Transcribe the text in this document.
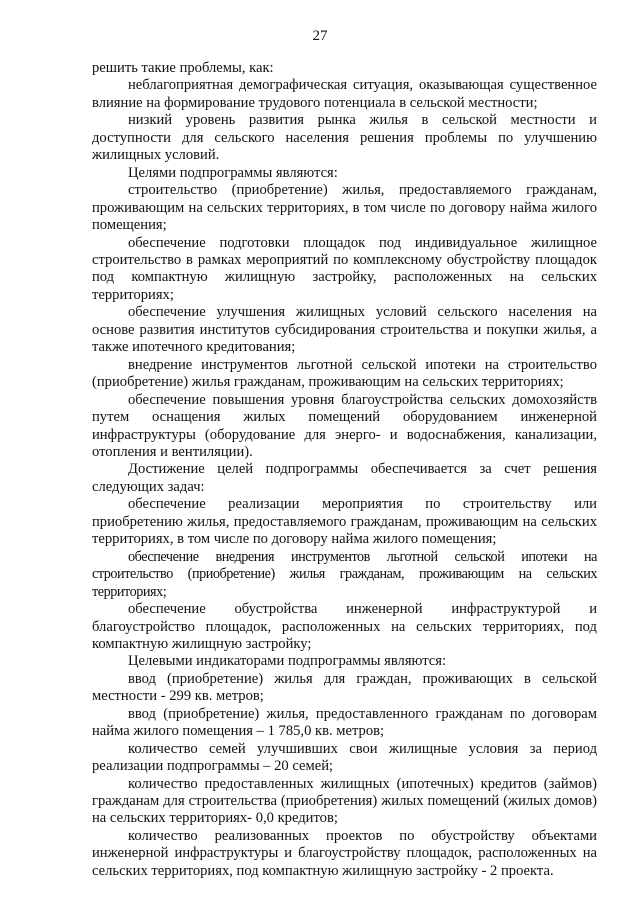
27

решить такие проблемы, как:

неблагоприятная демографическая ситуация, оказывающая существенное влияние на формирование трудового потенциала в сельской местности;

низкий уровень развития рынка жилья в сельской местности и доступности для сельского населения решения проблемы по улучшению жилищных условий.

Целями подпрограммы являются:

строительство (приобретение) жилья, предоставляемого гражданам, проживающим на сельских территориях, в том числе по договору найма жилого помещения;

обеспечение подготовки площадок под индивидуальное жилищное строительство в рамках мероприятий по комплексному обустройству площадок под компактную жилищную застройку, расположенных на сельских территориях;

обеспечение улучшения жилищных условий сельского населения на основе развития институтов субсидирования строительства и покупки жилья, а также ипотечного кредитования;

внедрение инструментов льготной сельской ипотеки на строительство (приобретение) жилья гражданам, проживающим на сельских территориях;

обеспечение повышения уровня благоустройства сельских домохозяйств путем оснащения жилых помещений оборудованием инженерной инфраструктуры (оборудование для энерго- и водоснабжения, канализации, отопления и вентиляции).

Достижение целей подпрограммы обеспечивается за счет решения следующих задач:

обеспечение реализации мероприятия по строительству или приобретению жилья, предоставляемого гражданам, проживающим на сельских территориях, в том числе по договору найма жилого помещения;

обеспечение внедрения инструментов льготной сельской ипотеки на строительство (приобретение) жилья гражданам, проживающим на сельских территориях;

обеспечение обустройства инженерной инфраструктурой и благоустройство площадок, расположенных на сельских территориях, под компактную жилищную застройку;

Целевыми индикаторами подпрограммы являются:

ввод (приобретение) жилья для граждан, проживающих в сельской местности - 299 кв. метров;

ввод (приобретение) жилья, предоставленного гражданам по договорам найма жилого помещения – 1 785,0 кв. метров;

количество семей улучшивших свои жилищные условия за период реализации подпрограммы – 20 семей;

количество предоставленных жилищных (ипотечных) кредитов (займов) гражданам для строительства (приобретения) жилых помещений (жилых домов) на сельских территориях- 0,0 кредитов;

количество реализованных проектов по обустройству объектами инженерной инфраструктуры и благоустройству площадок, расположенных на сельских территориях, под компактную жилищную застройку - 2 проекта.
